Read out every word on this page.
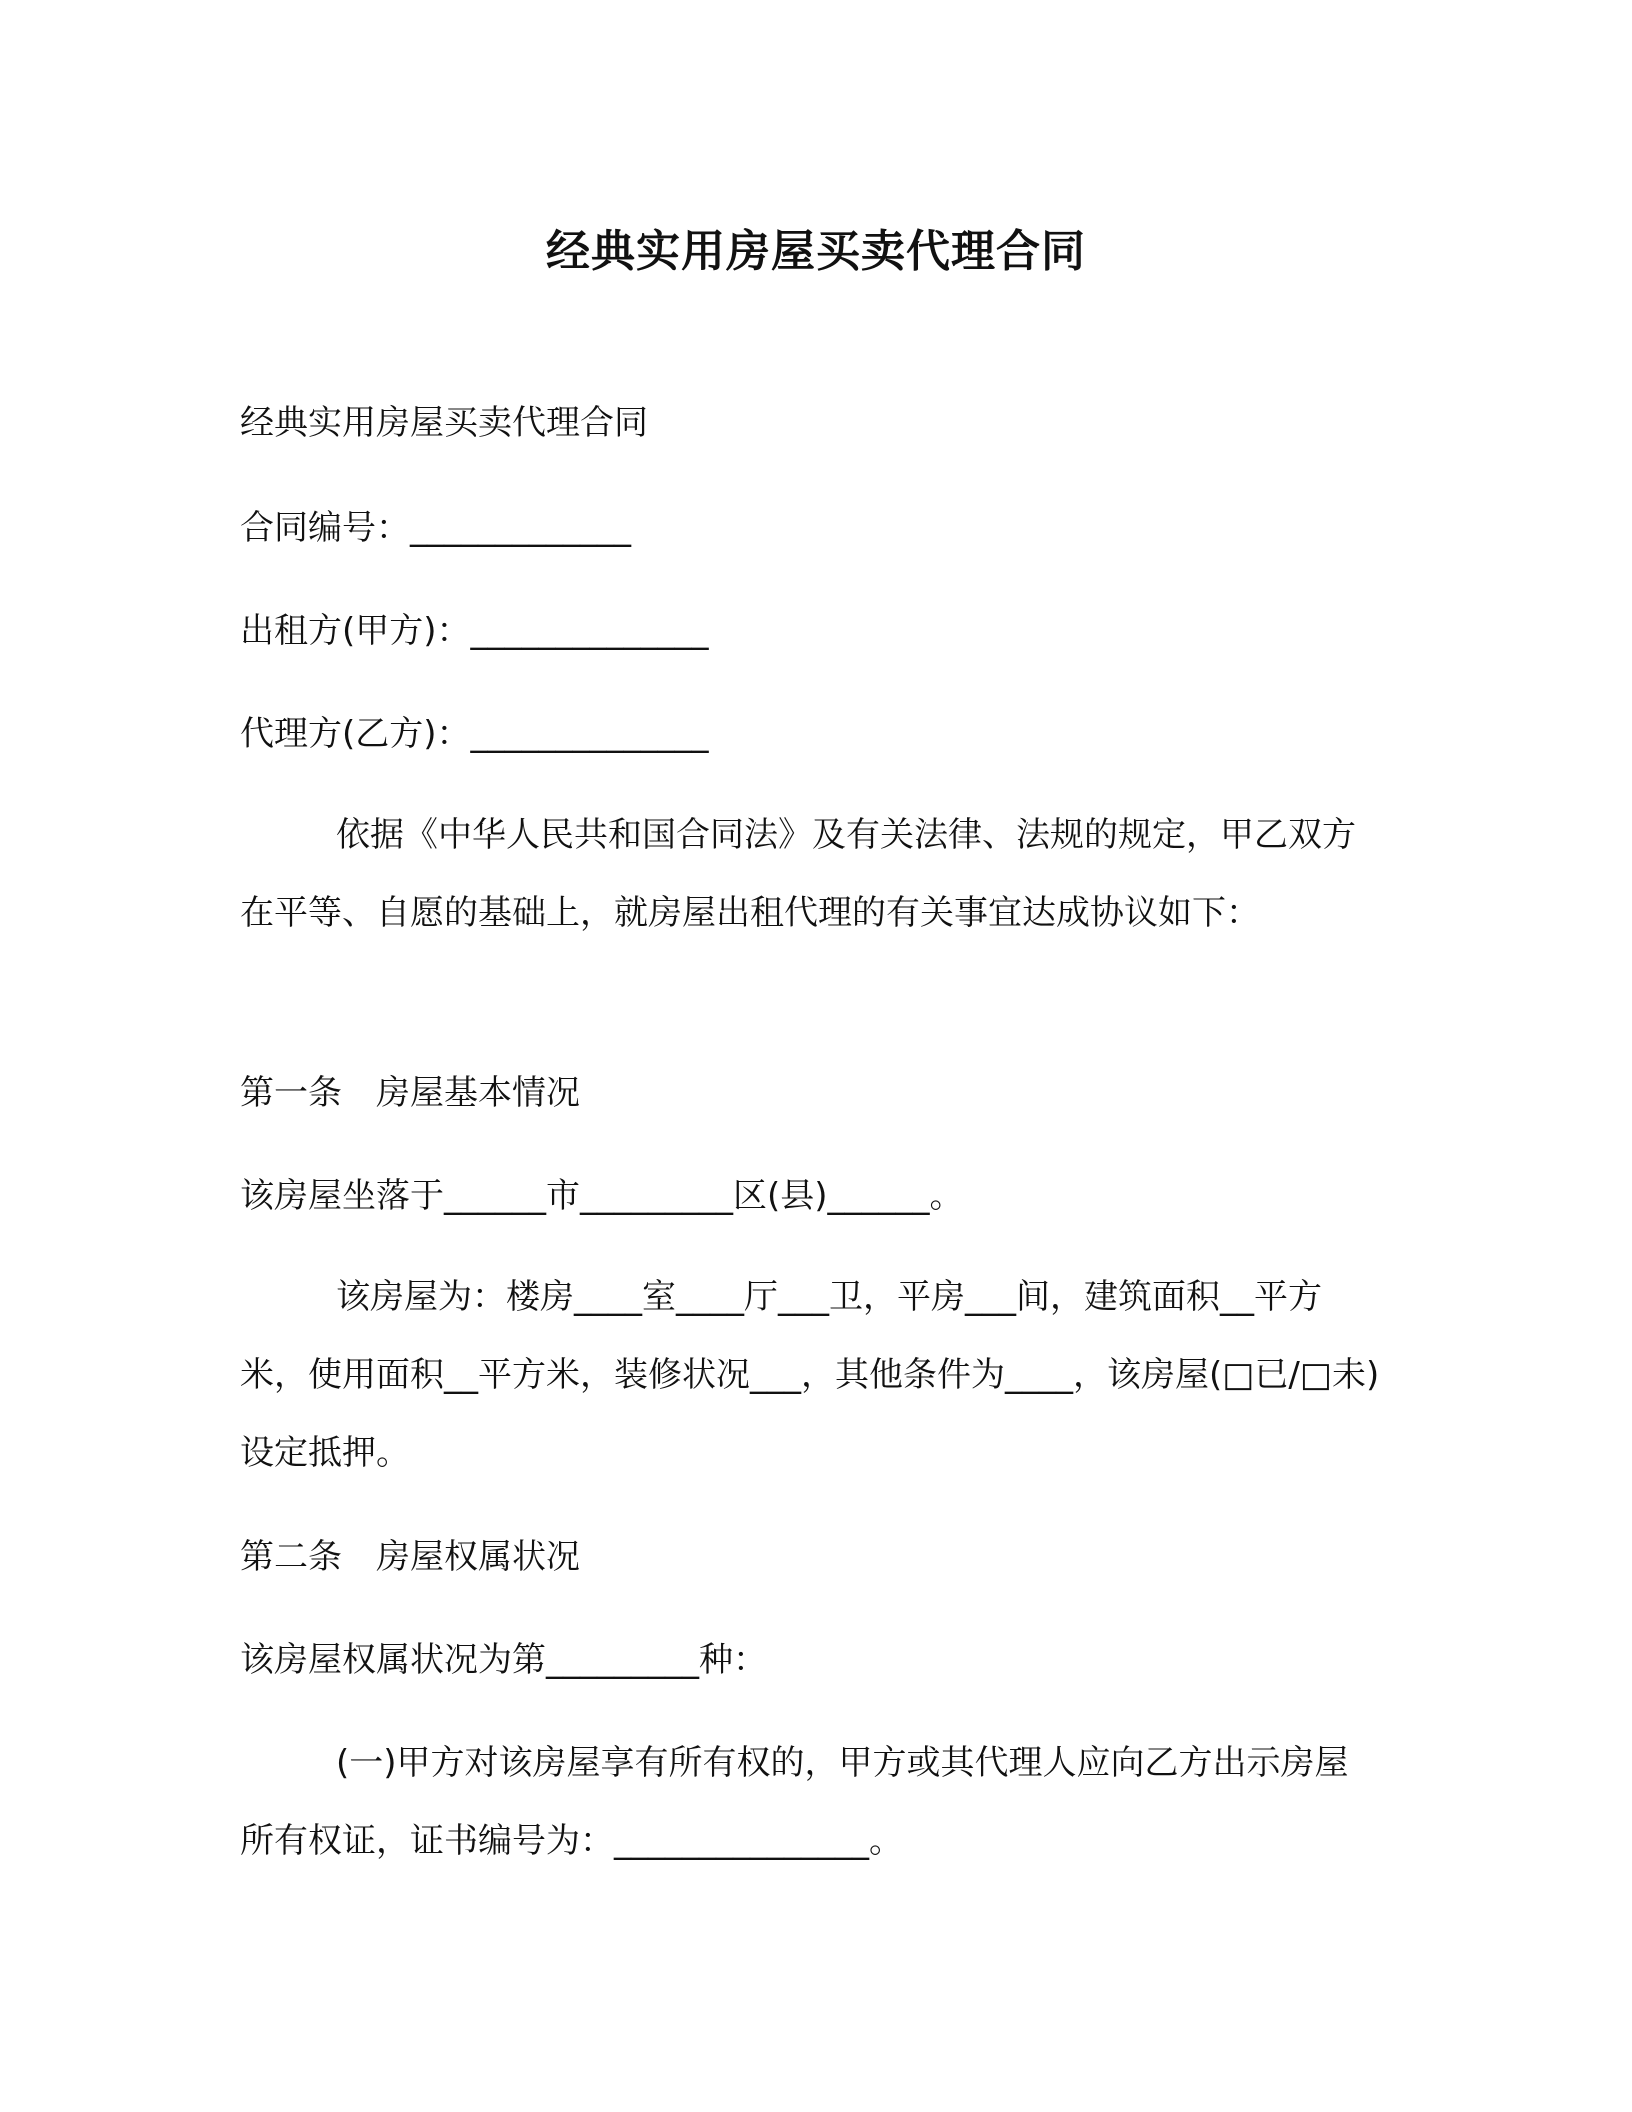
经典实用房屋买卖代理合同

经典实用房屋买卖代理合同

合同编号：_____________

出租方(甲方)：______________

代理方(乙方)：______________

依据《中华人民共和国合同法》及有关法律、法规的规定，甲乙双方在平等、自愿的基础上，就房屋出租代理的有关事宜达成协议如下：

第一条　房屋基本情况

该房屋坐落于______市_________区(县)______。

该房屋为：楼房____室____厅___卫，平房___间，建筑面积__平方米，使用面积__平方米，装修状况___，其他条件为____，该房屋(□已/□未)设定抵押。

第二条　房屋权属状况

该房屋权属状况为第_________种：

(一)甲方对该房屋享有所有权的，甲方或其代理人应向乙方出示房屋所有权证，证书编号为：_______________。
